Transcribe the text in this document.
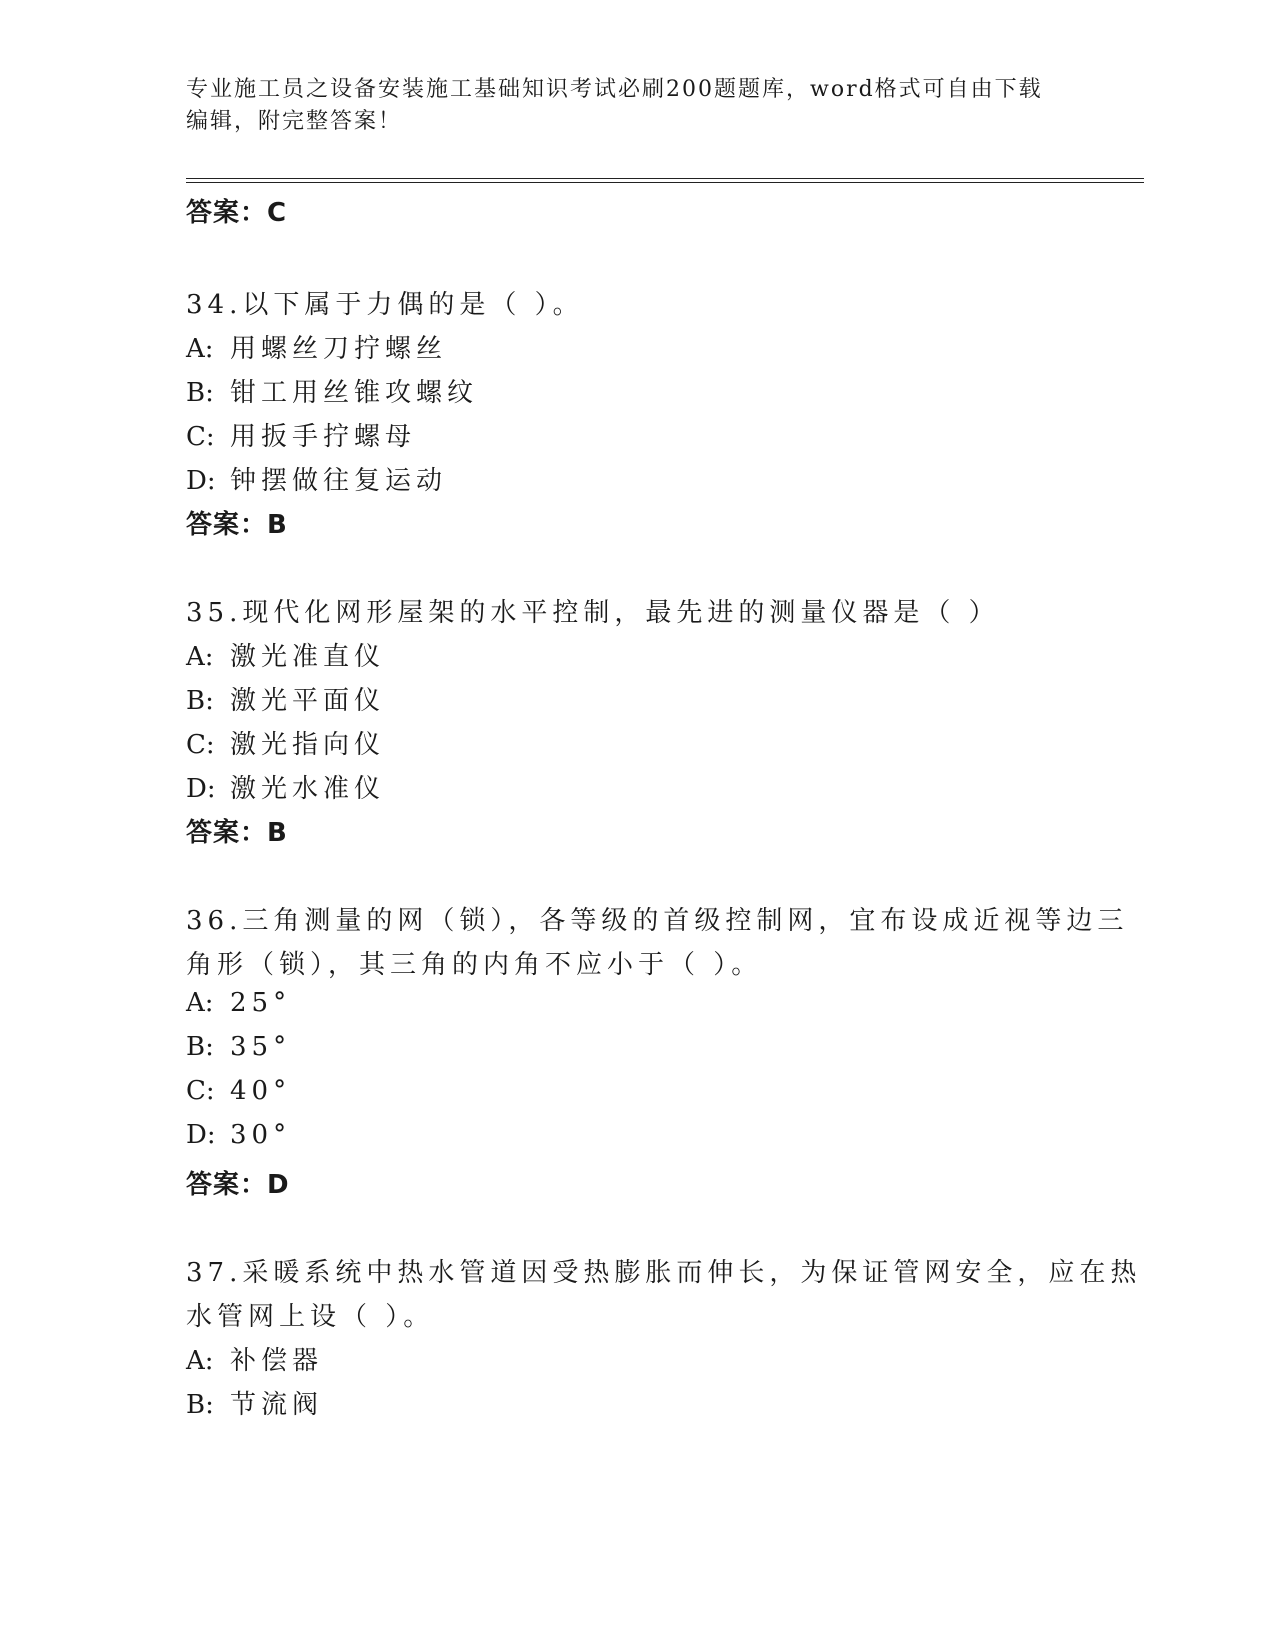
专业施工员之设备安装施工基础知识考试必刷200题题库，word格式可自由下载
编辑，附完整答案！
答案：C
34.以下属于力偶的是（ ）。
A: 用螺丝刀拧螺丝
B: 钳工用丝锥攻螺纹
C: 用扳手拧螺母
D: 钟摆做往复运动
答案：B
35.现代化网形屋架的水平控制，最先进的测量仪器是（ ）
A: 激光准直仪
B: 激光平面仪
C: 激光指向仪
D: 激光水准仪
答案：B
36.三角测量的网（锁），各等级的首级控制网，宜布设成近视等边三
角形（锁），其三角的内角不应小于（ ）。
A: 25°
B: 35°
C: 40°
D: 30°
答案：D
37.采暖系统中热水管道因受热膨胀而伸长，为保证管网安全，应在热
水管网上设（ ）。
A: 补偿器
B: 节流阀
